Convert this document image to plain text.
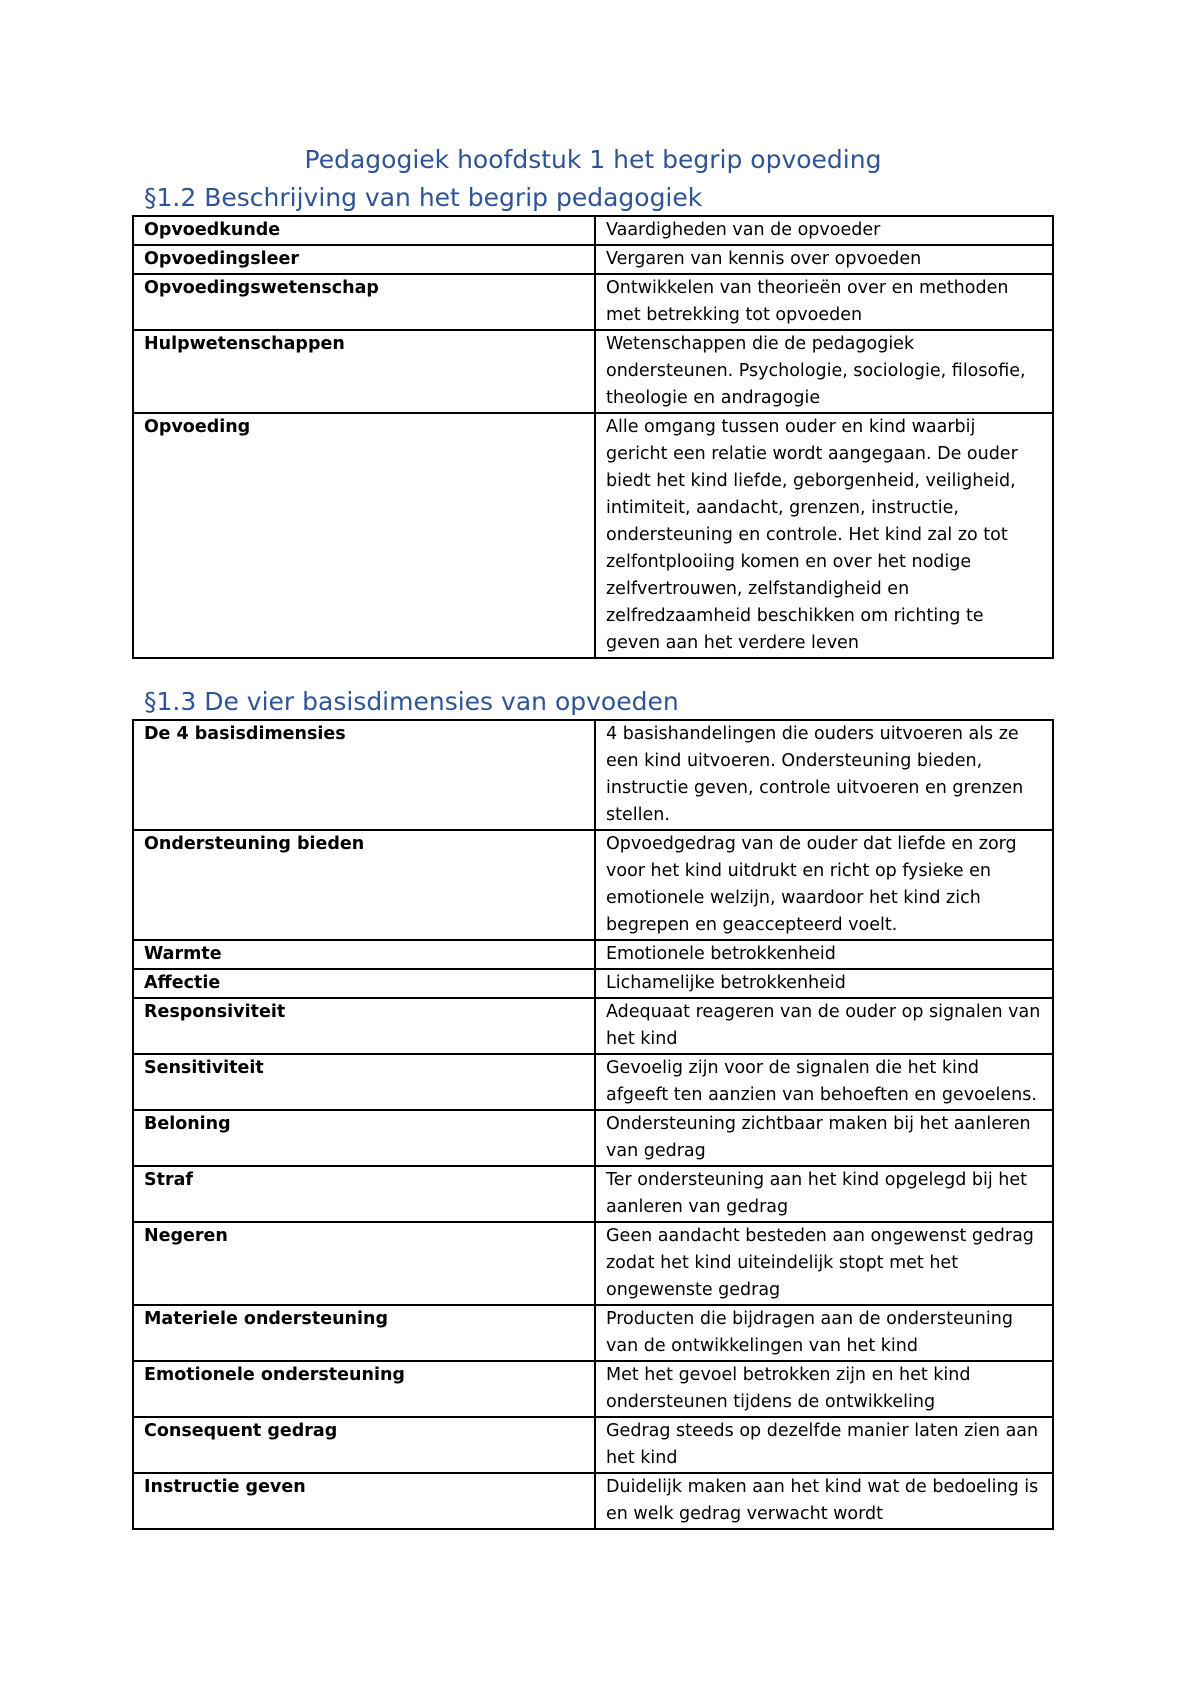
Pedagogiek hoofdstuk 1 het begrip opvoeding
§1.2 Beschrijving van het begrip pedagogiek
Opvoedkunde	Vaardigheden van de opvoeder
Opvoedingsleer	Vergaren van kennis over opvoeden
Opvoedingswetenschap	Ontwikkelen van theorieën over en methoden met betrekking tot opvoeden
Hulpwetenschappen	Wetenschappen die de pedagogiek ondersteunen. Psychologie, sociologie, filosofie, theologie en andragogie
Opvoeding	Alle omgang tussen ouder en kind waarbij gericht een relatie wordt aangegaan. De ouder biedt het kind liefde, geborgenheid, veiligheid, intimiteit, aandacht, grenzen, instructie, ondersteuning en controle. Het kind zal zo tot zelfontplooiing komen en over het nodige zelfvertrouwen, zelfstandigheid en zelfredzaamheid beschikken om richting te geven aan het verdere leven
§1.3 De vier basisdimensies van opvoeden
De 4 basisdimensies	4 basishandelingen die ouders uitvoeren als ze een kind uitvoeren. Ondersteuning bieden, instructie geven, controle uitvoeren en grenzen stellen.
Ondersteuning bieden	Opvoedgedrag van de ouder dat liefde en zorg voor het kind uitdrukt en richt op fysieke en emotionele welzijn, waardoor het kind zich begrepen en geaccepteerd voelt.
Warmte	Emotionele betrokkenheid
Affectie	Lichamelijke betrokkenheid
Responsiviteit	Adequaat reageren van de ouder op signalen van het kind
Sensitiviteit	Gevoelig zijn voor de signalen die het kind afgeeft ten aanzien van behoeften en gevoelens.
Beloning	Ondersteuning zichtbaar maken bij het aanleren van gedrag
Straf	Ter ondersteuning aan het kind opgelegd bij het aanleren van gedrag
Negeren	Geen aandacht besteden aan ongewenst gedrag zodat het kind uiteindelijk stopt met het ongewenste gedrag
Materiele ondersteuning	Producten die bijdragen aan de ondersteuning van de ontwikkelingen van het kind
Emotionele ondersteuning	Met het gevoel betrokken zijn en het kind ondersteunen tijdens de ontwikkeling
Consequent gedrag	Gedrag steeds op dezelfde manier laten zien aan het kind
Instructie geven	Duidelijk maken aan het kind wat de bedoeling is en welk gedrag verwacht wordt
